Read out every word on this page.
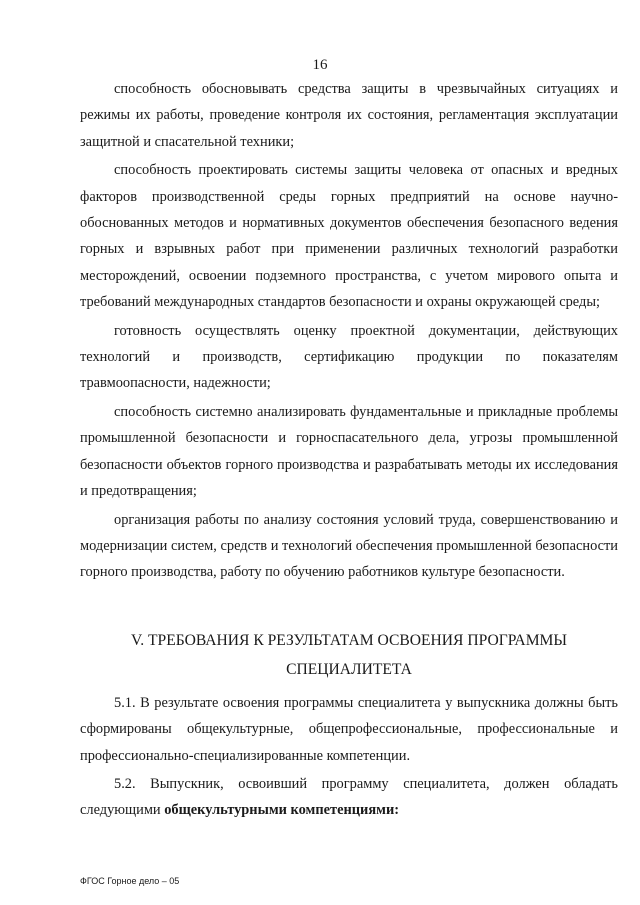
16

способность обосновывать средства защиты в чрезвычайных ситуациях и режимы их работы, проведение контроля их состояния, регламентация эксплуатации защитной и спасательной техники;

способность проектировать системы защиты человека от опасных и вредных факторов производственной среды горных предприятий на основе научно-обоснованных методов и нормативных документов обеспечения безопасного ведения горных и взрывных работ при применении различных технологий разработки месторождений, освоении подземного пространства, с учетом мирового опыта и требований международных стандартов безопасности и охраны окружающей среды;

готовность осуществлять оценку проектной документации, действующих технологий и производств, сертификацию продукции по показателям травмоопасности, надежности;

способность системно анализировать фундаментальные и прикладные проблемы промышленной безопасности и горноспасательного дела, угрозы промышленной безопасности объектов горного производства и разрабатывать методы их исследования и предотвращения;

организация работы по анализу состояния условий труда, совершенствованию и модернизации систем, средств и технологий обеспечения промышленной безопасности горного производства, работу по обучению работников культуре безопасности.

V. ТРЕБОВАНИЯ К РЕЗУЛЬТАТАМ ОСВОЕНИЯ ПРОГРАММЫ
СПЕЦИАЛИТЕТА

5.1. В результате освоения программы специалитета у выпускника должны быть сформированы общекультурные, общепрофессиональные, профессиональные и профессионально-специализированные компетенции.

5.2. Выпускник, освоивший программу специалитета, должен обладать следующими общекультурными компетенциями:

ФГОС Горное дело – 05
